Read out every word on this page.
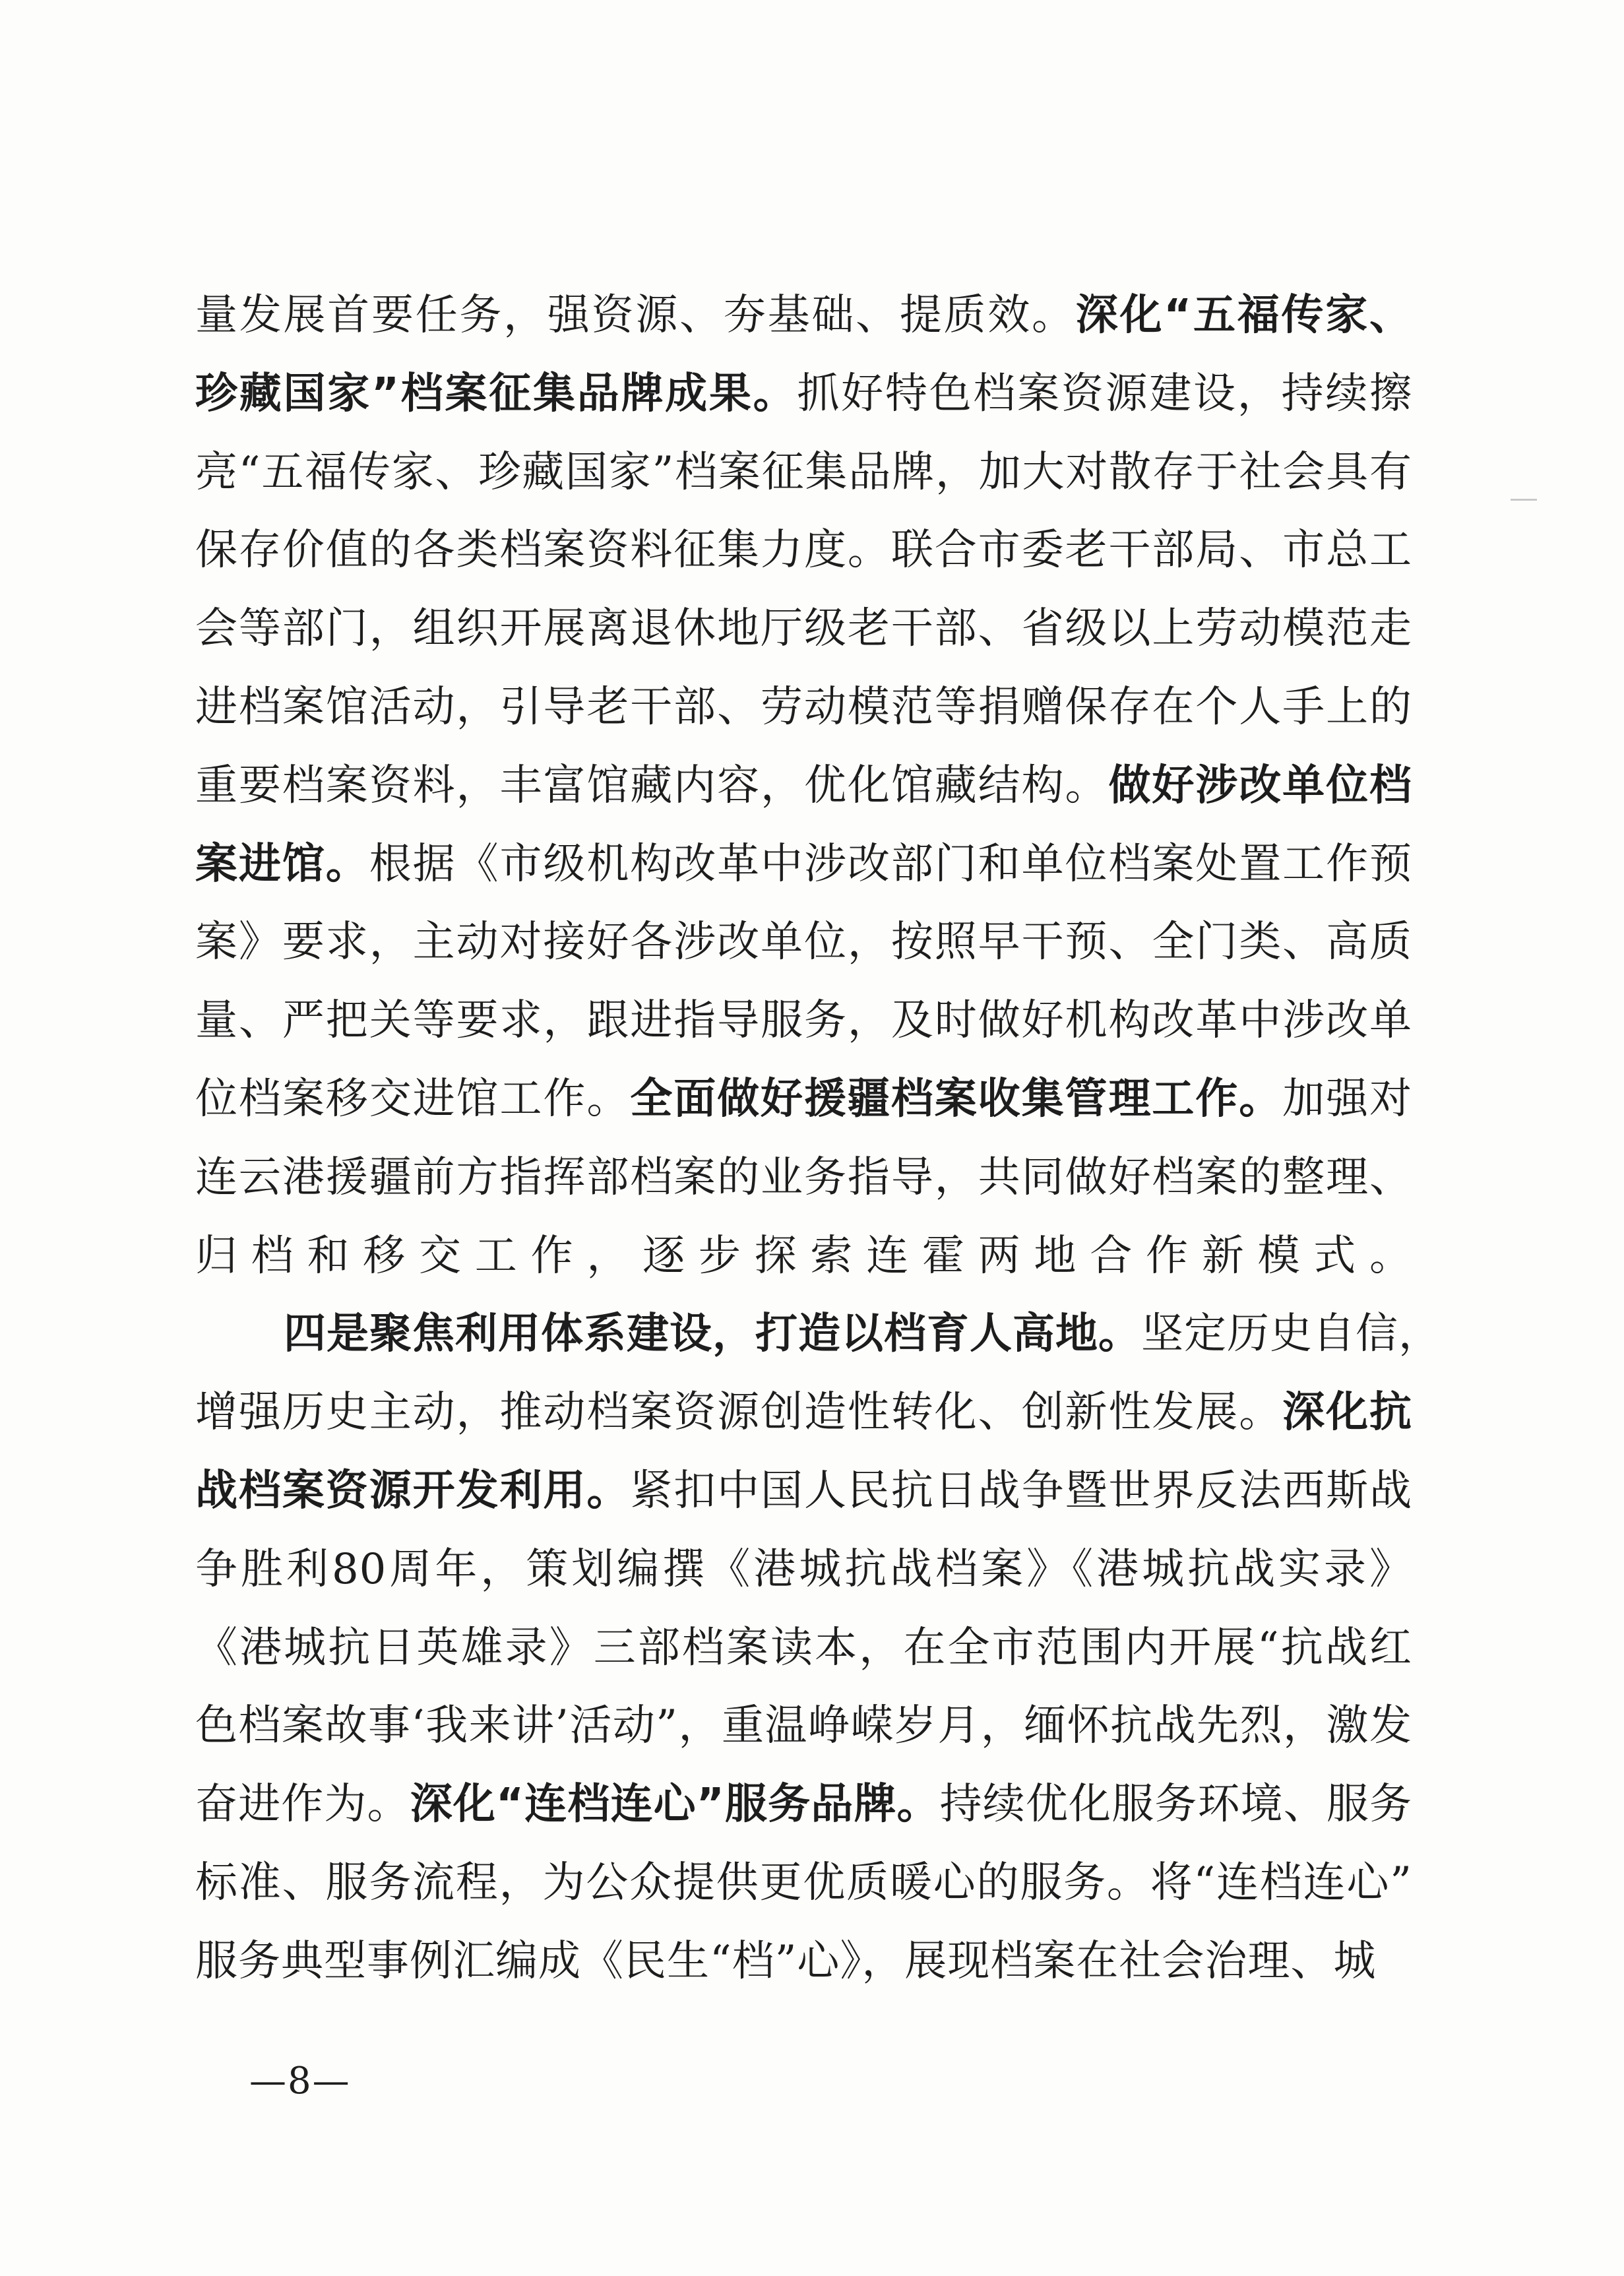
量发展首要任务，强资源、夯基础、提质效。深化“五福传家、
珍藏国家”档案征集品牌成果。抓好特色档案资源建设，持续擦
亮“五福传家、珍藏国家”档案征集品牌，加大对散存于社会具有
保存价值的各类档案资料征集力度。联合市委老干部局、市总工
会等部门，组织开展离退休地厅级老干部、省级以上劳动模范走
进档案馆活动，引导老干部、劳动模范等捐赠保存在个人手上的
重要档案资料，丰富馆藏内容，优化馆藏结构。做好涉改单位档
案进馆。根据《市级机构改革中涉改部门和单位档案处置工作预
案》要求，主动对接好各涉改单位，按照早干预、全门类、高质
量、严把关等要求，跟进指导服务，及时做好机构改革中涉改单
位档案移交进馆工作。全面做好援疆档案收集管理工作。加强对
连云港援疆前方指挥部档案的业务指导，共同做好档案的整理、
归档和移交工作，逐步探索连霍两地合作新模式。
四是聚焦利用体系建设，打造以档育人高地。坚定历史自信，
增强历史主动，推动档案资源创造性转化、创新性发展。深化抗
战档案资源开发利用。紧扣中国人民抗日战争暨世界反法西斯战
争胜利80周年，策划编撰《港城抗战档案》《港城抗战实录》
《港城抗日英雄录》三部档案读本，在全市范围内开展“抗战红
色档案故事‘我来讲’活动”，重温峥嵘岁月，缅怀抗战先烈，激发
奋进作为。深化“连档连心”服务品牌。持续优化服务环境、服务
标准、服务流程，为公众提供更优质暖心的服务。将“连档连心”
服务典型事例汇编成《民生“档”心》，展现档案在社会治理、城
—8—
